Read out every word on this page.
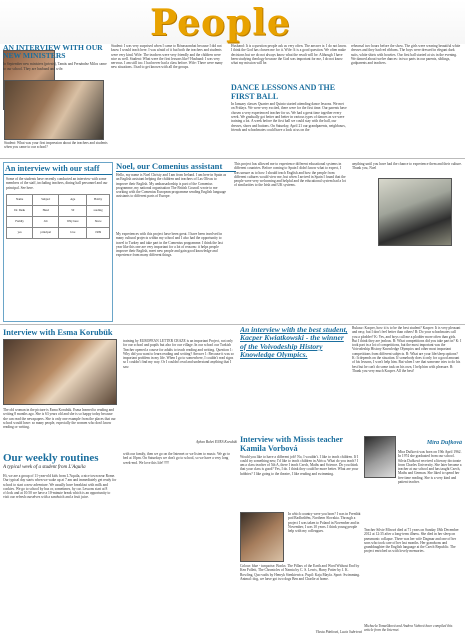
People
AN INTERVIEW WITH OUR NEW MINISTERS
In September new ministers (priests), Tamás and Fernández Milos came to our school. They are husband and wife.
Student: What was your first impression about the teachers and students when you came to our school?
Student: I was very surprised when I came to Rónaszombat because I did not know I would teach here. I was afraid of it but both the teachers and students were very kind. Wife: The teachers were very friendly and the children were nice as well. Student: What were the first lessons like? Husband: I was very nervous. I am still too. I had never had a class before. Wife: There were many new situations. I had to get known with all the groups.
Husband: It is a question people ask us very often. The answer is: I do not know. I think the God has chosen me for it. Wife: It is a good question. We often make decisions but we do not always know what the result will be. Although I have been studying theology because the God was important for me, I do not know what my mission will be.
DANCE LESSONS AND THE FIRST BALL
In January classes Quarter and Quinto started attending dance lessons. We met on Fridays. We were very excited, there were for the first time. Our parents have chosen a very experienced teacher for us. We had a great time together every week. We gradually got better and better in various types of dances as we were training a lot. A week before the first ball we could stay with the hall, our dresses, shoes and buttons. On Saturday, April 21 our grandparents, neighbours, friends and schoolmates could have a look at us on the
rehearsal two hours before the show. The girls were wearing beautiful white dresses and they had red ribbons. The boys were dressed in elegant dark suits, white shirts with bowties. Our first ball started at six in the evening. We danced about twelve dances: in two parts in our parents, siblings, godparents and teachers.
An interview with our staff
Some of the students have recently conducted an interview with some members of the staff, including teachers, dining hall personnel and our principal. See here.
Name	Subject	Age	Hobby
Dr. Deák	Head	50	reading
Family	Job	Why here	Since
yes	principal	love	1999
Noel, our Comenius assistant
Hello, my name is Noel Christy and I am from Ireland. I am here in Spain as an English assistant helping the children and teachers of Las Olivas to improve their English. My ambassadorship is part of the Comenius programme, my national organisation The British Council wrote to me working with the Comenius European programme sending English language assistants to different parts of Europe.
My experiences with this project have been great. I have been involved in many cultural projects within my school and I also had the opportunity to travel to Turkey and take part in the Comenius programme. I think the last year like this one are very important for a lot of reasons: it helps people improve their English, meet new people and gain good knowledge and experience from many different things.
This project has allowed me to experience different educational systems in different countries. Before coming to Spain I didn't know what to expect, I was unsure as to how I should teach English and how the people from different cultures would view me, but when I arrived in Spain I found that the people were very welcoming and helpful and the educational system had a lot of similarities to the Irish and UK systems.
anything until you have had the chance to experience them and their culture. Thank you, Noel
Interview with Esma Korubük
The old woman in the picture is Esma Korubük. Esma learned to reading and writing 8 months ago. She is 63 years old and she is so happy today because she can read the newspapers. She is only one example from the places that our school would have: so many people, especially the women who don't know reading or writing.
training by EUROPEAN LETTER CRAZE is an important Project, not only for our school and pupils but also for our village. In our school our Turkish Teacher opened a course for adults to teach reading and writing. Question 1: Why did you want to learn reading and writing? Answer 1: Because it was so important problem in my life. When I go to somewhere, I couldn't read signs so I couldn't find my way. Or I couldn't read and understand anything that I saw.
Ayhan Bahri ENES Korubük
An interview with the best student, Kacper Kwiatkowski - the winner of the Voivodeship History Knowledge Olympics.
Rukasz: Kacper, how it is to be the best student? Kacper: It is very pleasant and easy, but I don't feel better than others! R: Do your schoolmates call you a plodder? K: Yes, and boys call me a plodder more often than girls. But I think they are jealous. R: What competitions did you take part in? K: I took part in a lot of competitions, but the most important was the Voivodeship History Knowledge Olympics and other most important competitions from different subjects. R: What are your life/sleep options? K: It depends on the situation. If somebody does it only for a good amount of his lessons, I won't help him. But when I see that someone tries to do his best but he can't do some task on his own, I help him with pleasure. R: Thank you very much Kacper. All the best!
Interview with Missis teacher Kamila Vorbová
Would you like to have a different job? No, I wouldn't. I like to teach children. If I could try something new, I'd like to teach children in Africa. What do you teach? I am a class teacher of 5th A, there I teach Czech, Maths and Science. Do you think that your class is good? Yes, I do. I think they could be more better. What are your hobbies? I like going to the theatre, I like reading and swimming.
In which country were you born? I was in Frenštát pod Radhoštěm, Northern Slovakia. Through a project I was taken to Poland in November and in November, I was 10 years. I think young people help with my colleagues.
Colour: blue - turquoise. Books: The Pillars of the Earth and Word Without End by Ken Follett, The Chronicles of Narnia by C. S. Lewis, Harry Potter by J. K. Rowling, Quo vadis by Henryk Sienkiewicz. Pupil: Kaja Mayfa. Sport: Swimming. Animal: dog, we have got two dogs Ben and Charlie at home.
Vlasta Pánková, Lucia Šubrtová
Mira Dufková
Mira Dufková was born on 19th April 1962. In 1974 she graduated from our school. Silvia Dufková received a literary doctorate from Charles University. She later became a teacher at our school and has taught Czech, Maths and German. She liked to spend her free time reading. She is a very kind and patient teacher.
Teacher Silvie Mírová died at 71 years on Sunday 18th December 2012 at 12:35 after a long-term illness. She died in her sleep on pneumonic collapse. There was her wife Dagmar and one of her sons who took care of her last months. Her grandsons and granddaughter the English language at the Czech Republic. The project enriched us with lovely memories.
Michaela Tomašíková and Andrea Vaňová have compiled this article from the Internet.
Our weekly routines
A typical week of a student from L'Aquila
Hi, we are a group of 11-year-old kids from L'Aquila, a nice town near Rome. Our typical day starts when we wake up at 7 am and immediately get ready for school to start a new adventure. We usually have breakfast with milk and cookies. We go to school by bus or, sometimes, by car. Lessons start at 8 o'clock and at 10:50 we have a 10-minute break which is an opportunity to visit our refresh ourselves with a sandwich and a fruit juice.
with our family, then we go on the Internet or we listen to music. We go to bed at 10pm. On Saturdays we don't go to school, so we have a very long week-end. We love this life!!!!!!
